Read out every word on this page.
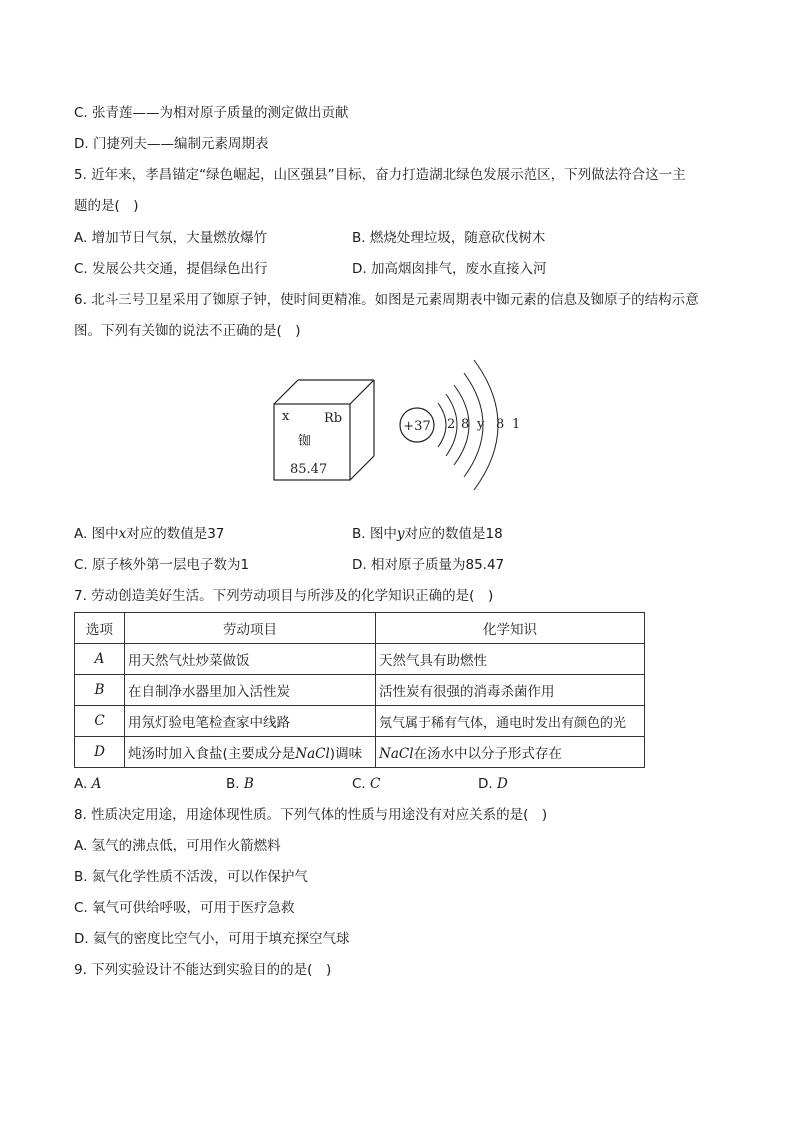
C. 张青莲——为相对原子质量的测定做出贡献
D. 门捷列夫——编制元素周期表
5. 近年来，孝昌锚定“绿色崛起，山区强县”目标，奋力打造湖北绿色发展示范区，下列做法符合这一主
题的是(　)
A. 增加节日气氛，大量燃放爆竹	B. 燃烧处理垃圾，随意砍伐树木
C. 发展公共交通，提倡绿色出行	D. 加高烟囱排气，废水直接入河
6. 北斗三号卫星采用了铷原子钟，使时间更精准。如图是元素周期表中铷元素的信息及铷原子的结构示意
图。下列有关铷的说法不正确的是(　)
x	Rb
铷
85.47
+37 2 8 y 8 1
A. 图中x对应的数值是37	B. 图中y对应的数值是18
C. 原子核外第一层电子数为1	D. 相对原子质量为85.47
7. 劳动创造美好生活。下列劳动项目与所涉及的化学知识正确的是(　)
选项	劳动项目	化学知识
A	用天然气灶炒菜做饭	天然气具有助燃性
B	在自制净水器里加入活性炭	活性炭有很强的消毒杀菌作用
C	用氖灯验电笔检查家中线路	氖气属于稀有气体，通电时发出有颜色的光
D	炖汤时加入食盐(主要成分是NaCl)调味	NaCl在汤水中以分子形式存在
A. A	B. B	C. C	D. D
8. 性质决定用途，用途体现性质。下列气体的性质与用途没有对应关系的是(　)
A. 氢气的沸点低，可用作火箭燃料
B. 氮气化学性质不活泼，可以作保护气
C. 氧气可供给呼吸，可用于医疗急救
D. 氦气的密度比空气小，可用于填充探空气球
9. 下列实验设计不能达到实验目的的是(　)
